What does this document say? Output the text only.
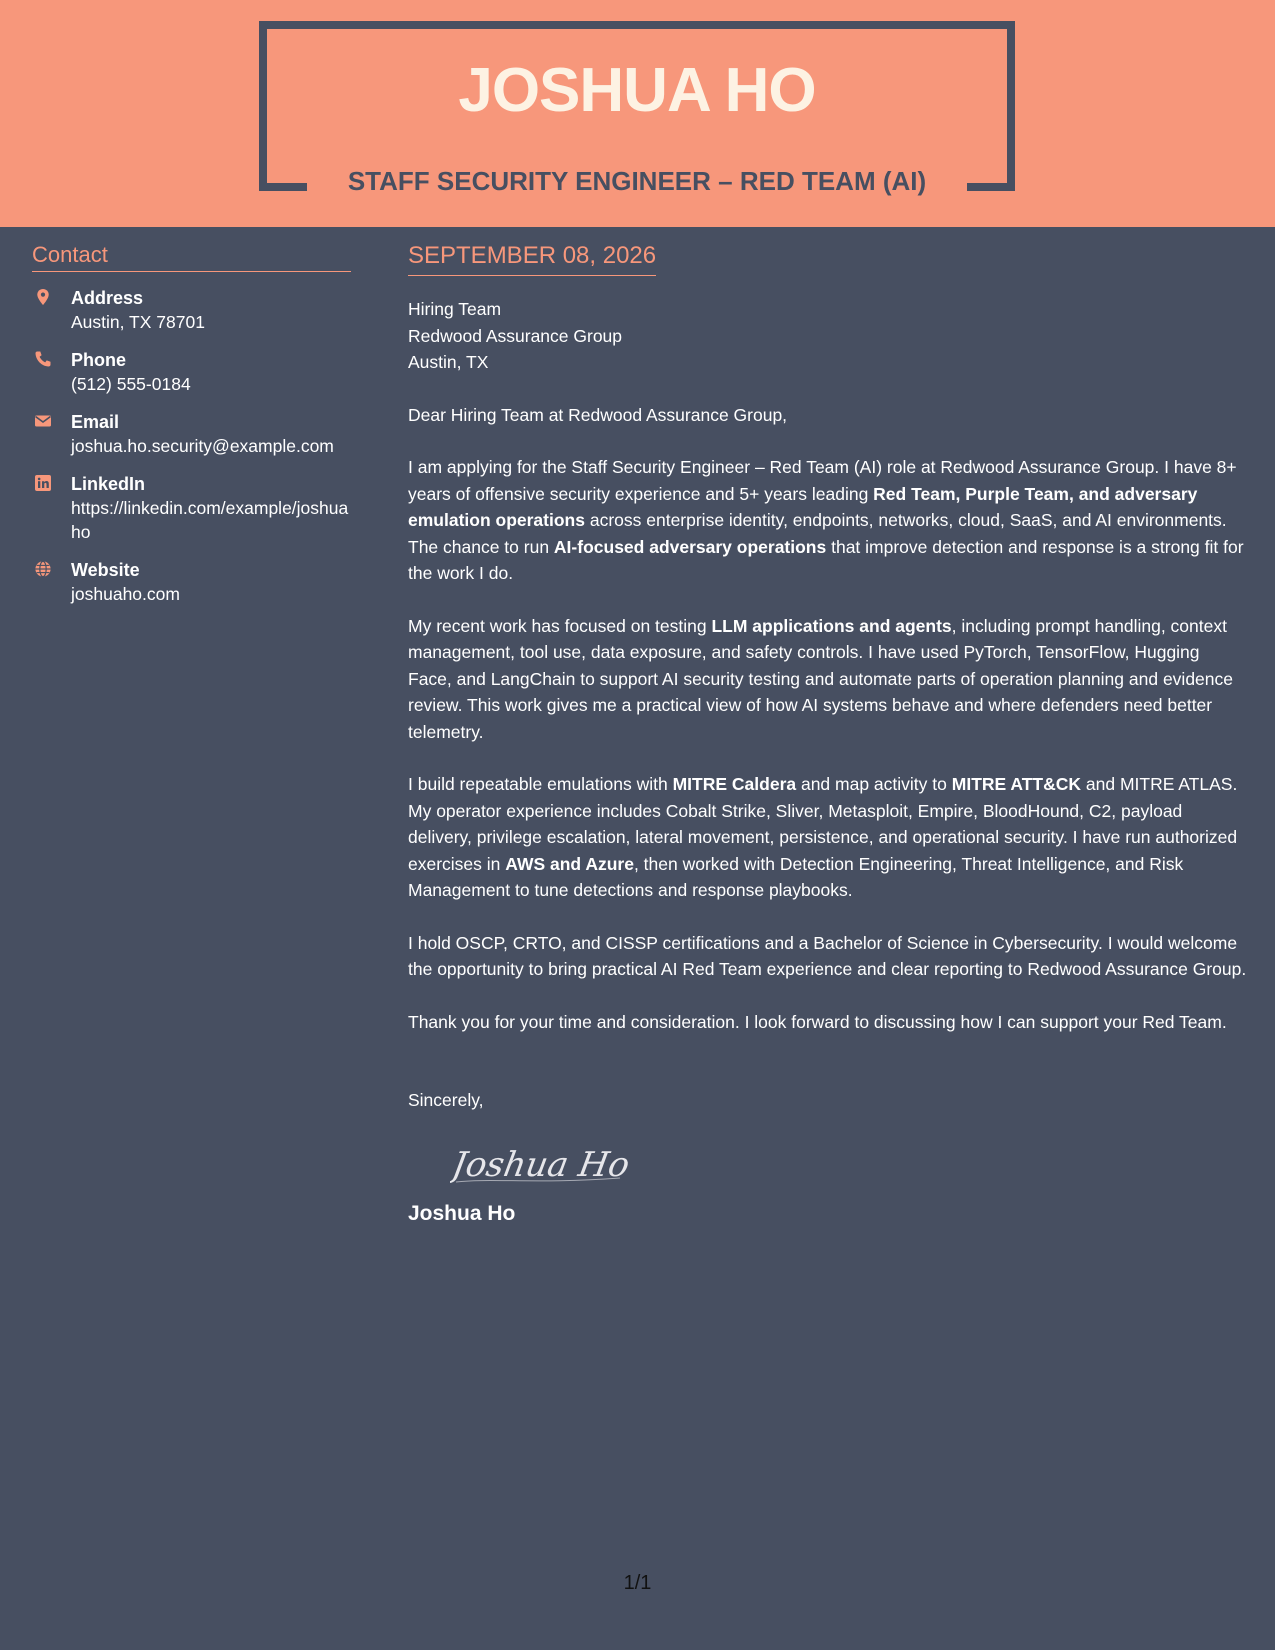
JOSHUA HO
STAFF SECURITY ENGINEER – RED TEAM (AI)
Contact
Address
Austin, TX 78701
Phone
(512) 555-0184
Email
joshua.ho.security@example.com
LinkedIn
https://linkedin.com/example/joshuaho
Website
joshuaho.com
SEPTEMBER 08, 2026
Hiring Team
Redwood Assurance Group
Austin, TX
Dear Hiring Team at Redwood Assurance Group,
I am applying for the Staff Security Engineer – Red Team (AI) role at Redwood Assurance Group. I have 8+ years of offensive security experience and 5+ years leading Red Team, Purple Team, and adversary emulation operations across enterprise identity, endpoints, networks, cloud, SaaS, and AI environments. The chance to run AI-focused adversary operations that improve detection and response is a strong fit for the work I do.
My recent work has focused on testing LLM applications and agents, including prompt handling, context management, tool use, data exposure, and safety controls. I have used PyTorch, TensorFlow, Hugging Face, and LangChain to support AI security testing and automate parts of operation planning and evidence review. This work gives me a practical view of how AI systems behave and where defenders need better telemetry.
I build repeatable emulations with MITRE Caldera and map activity to MITRE ATT&CK and MITRE ATLAS. My operator experience includes Cobalt Strike, Sliver, Metasploit, Empire, BloodHound, C2, payload delivery, privilege escalation, lateral movement, persistence, and operational security. I have run authorized exercises in AWS and Azure, then worked with Detection Engineering, Threat Intelligence, and Risk Management to tune detections and response playbooks.
I hold OSCP, CRTO, and CISSP certifications and a Bachelor of Science in Cybersecurity. I would welcome the opportunity to bring practical AI Red Team experience and clear reporting to Redwood Assurance Group.
Thank you for your time and consideration. I look forward to discussing how I can support your Red Team.
Sincerely,
Joshua Ho
Joshua Ho
1/1
